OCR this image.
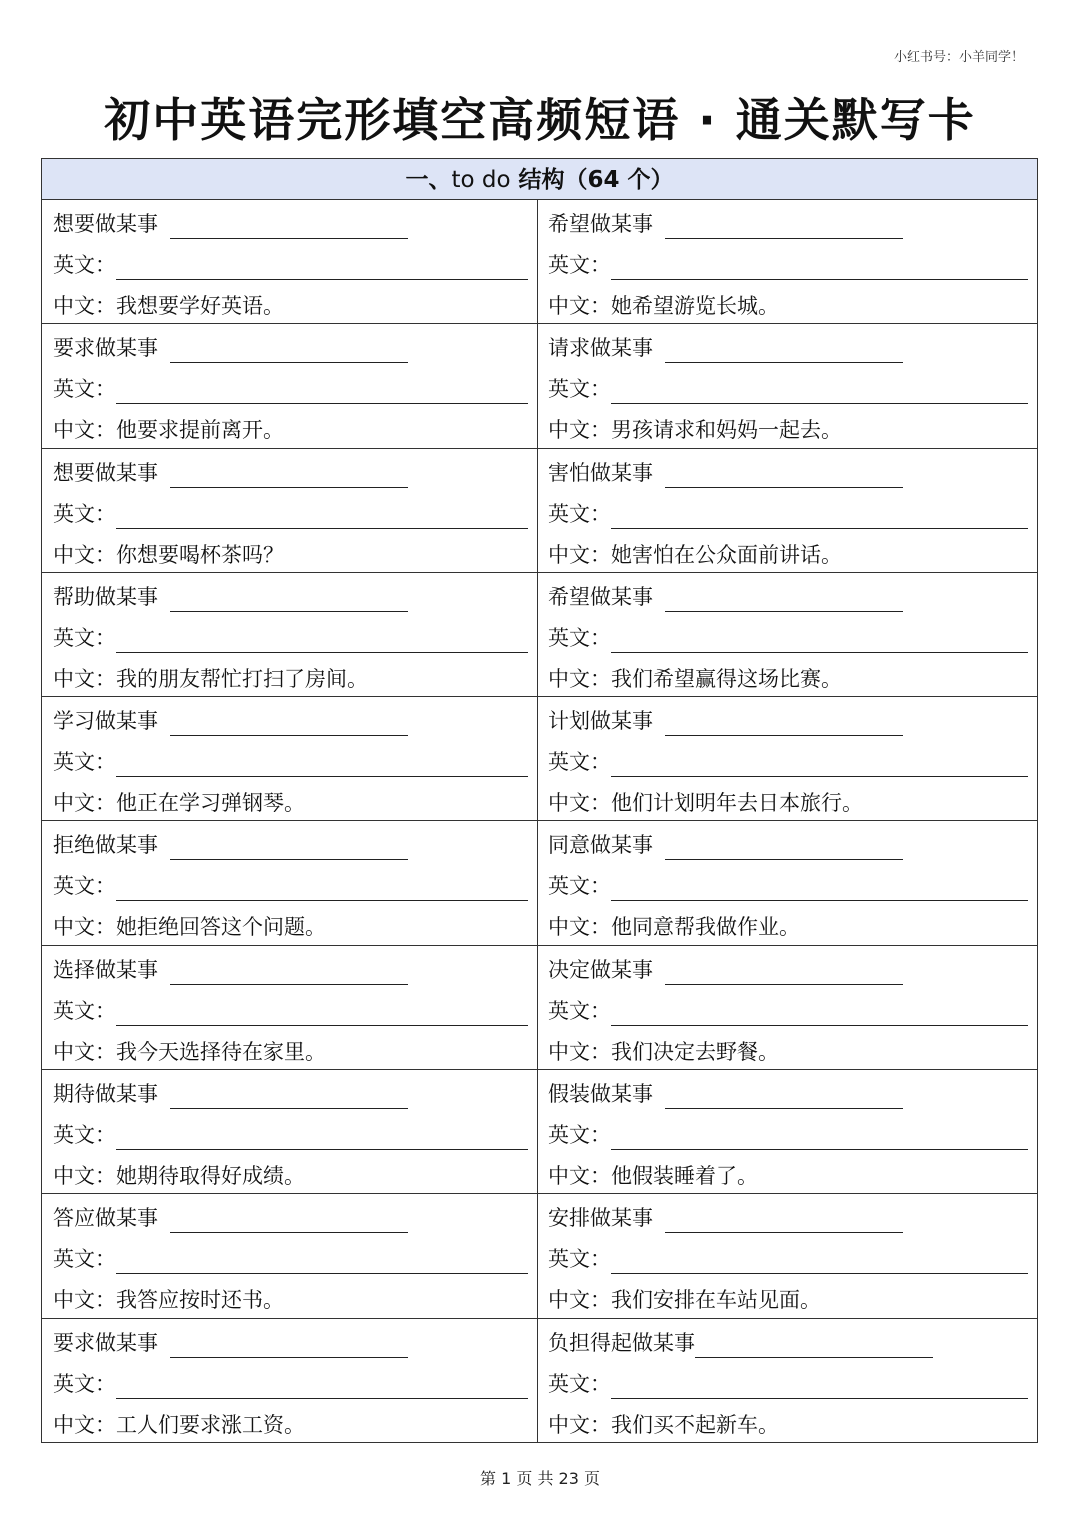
小红书号：小羊同学！
初中英语完形填空高频短语 · 通关默写卡
一、to do 结构（64 个）
想要做某事
英文：
中文： 我想要学好英语。
希望做某事
英文：
中文： 她希望游览长城。
要求做某事
英文：
中文： 他要求提前离开。
请求做某事
英文：
中文： 男孩请求和妈妈一起去。
想要做某事
英文：
中文： 你想要喝杯茶吗？
害怕做某事
英文：
中文： 她害怕在公众面前讲话。
帮助做某事
英文：
中文： 我的朋友帮忙打扫了房间。
希望做某事
英文：
中文： 我们希望赢得这场比赛。
学习做某事
英文：
中文： 他正在学习弹钢琴。
计划做某事
英文：
中文： 他们计划明年去日本旅行。
拒绝做某事
英文：
中文： 她拒绝回答这个问题。
同意做某事
英文：
中文： 他同意帮我做作业。
选择做某事
英文：
中文： 我今天选择待在家里。
决定做某事
英文：
中文： 我们决定去野餐。
期待做某事
英文：
中文： 她期待取得好成绩。
假装做某事
英文：
中文： 他假装睡着了。
答应做某事
英文：
中文： 我答应按时还书。
安排做某事
英文：
中文： 我们安排在车站见面。
要求做某事
英文：
中文： 工人们要求涨工资。
负担得起做某事
英文：
中文： 我们买不起新车。
第 1 页 共 23 页
